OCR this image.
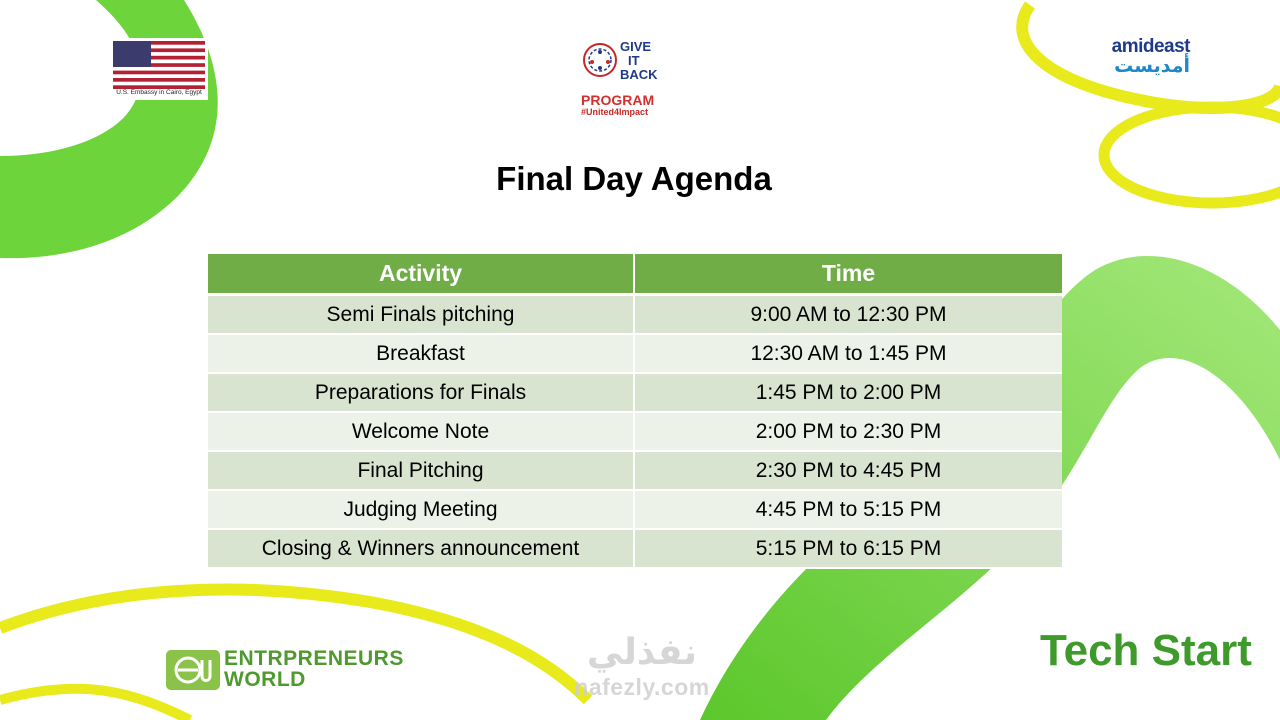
U.S. Embassy in Cairo, Egypt
GIVE
IT
BACK
PROGRAM
#United4Impact
amideast
أمديست
Final Day Agenda
Activity	Time
Semi Finals pitching	9:00 AM to 12:30 PM
Breakfast	12:30 AM to 1:45 PM
Preparations for Finals	1:45 PM to 2:00 PM
Welcome Note	2:00 PM to 2:30 PM
Final Pitching	2:30 PM to 4:45 PM
Judging Meeting	4:45 PM to 5:15 PM
Closing & Winners announcement	5:15 PM to 6:15 PM
ENTRPRENEURS
WORLD
نفذلي
nafezly.com
Tech Start
